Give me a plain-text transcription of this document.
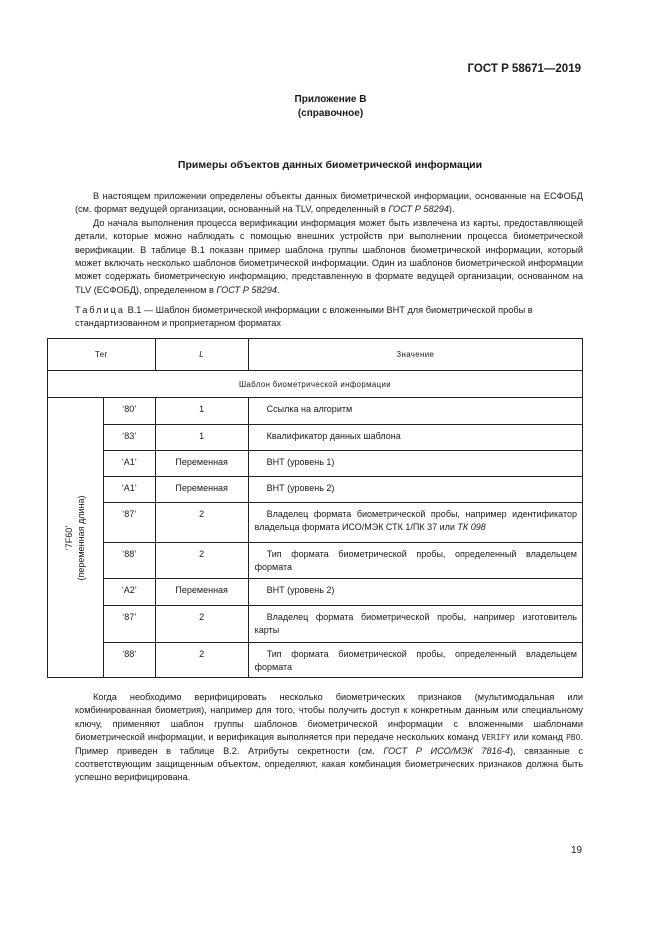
ГОСТ Р 58671—2019
Приложение В
(справочное)
Примеры объектов данных биометрической информации

В настоящем приложении определены объекты данных биометрической информации, основанные на ЕСФОБД (см. формат ведущей организации, основанный на TLV, определенный в ГОСТ Р 58294).

До начала выполнения процесса верификации информация может быть извлечена из карты, предоставляющей детали, которые можно наблюдать с помощью внешних устройств при выполнении процесса биометрической верификации. В таблице В.1 показан пример шаблона группы шаблонов биометрической информации, который может включать несколько шаблонов биометрической информации. Один из шаблонов биометрической информации может содержать биометрическую информацию, представленную в формате ведущей организации, основанном на TLV (ЕСФОБД), определенном в ГОСТ Р 58294.

Таблица В.1 — Шаблон биометрической информации с вложенными ВНТ для биометрической пробы в стандартизованном и проприетарном форматах
Тег		L	Значение
Шаблон биометрической информации			

‘7F60’ (переменная длина)	‘80’	1	Ссылка на алгоритм
	‘83’	1	Квалификатор данных шаблона
	‘A1’	Переменная	ВНТ (уровень 1)
	‘A1’	Переменная	ВНТ (уровень 2)
	‘87’	2	Владелец формата биометрической пробы, например идентификатор владельца формата ИСО/МЭК СТК 1/ПК 37 или ТК 098
	‘88’	2	Тип формата биометрической пробы, определенный владельцем формата
	‘A2’	Переменная	ВНТ (уровень 2)
	‘87’	2	Владелец формата биометрической пробы, например изготовитель карты
	‘88’	2	Тип формата биометрической пробы, определенный владельцем формата

Когда необходимо верифицировать несколько биометрических признаков (мультимодальная или комбинированная биометрия), например для того, чтобы получить доступ к конкретным данным или специальному ключу, применяют шаблон группы шаблонов биометрической информации с вложенными шаблонами биометрической информации, и верификация выполняется при передаче нескольких команд VERIFY или команд PBO. Пример приведен в таблице В.2. Атрибуты секретности (см. ГОСТ Р ИСО/МЭК 7816-4), связанные с соответствующим защищенным объектом, определяют, какая комбинация биометрических признаков должна быть успешно верифицирована.

19
